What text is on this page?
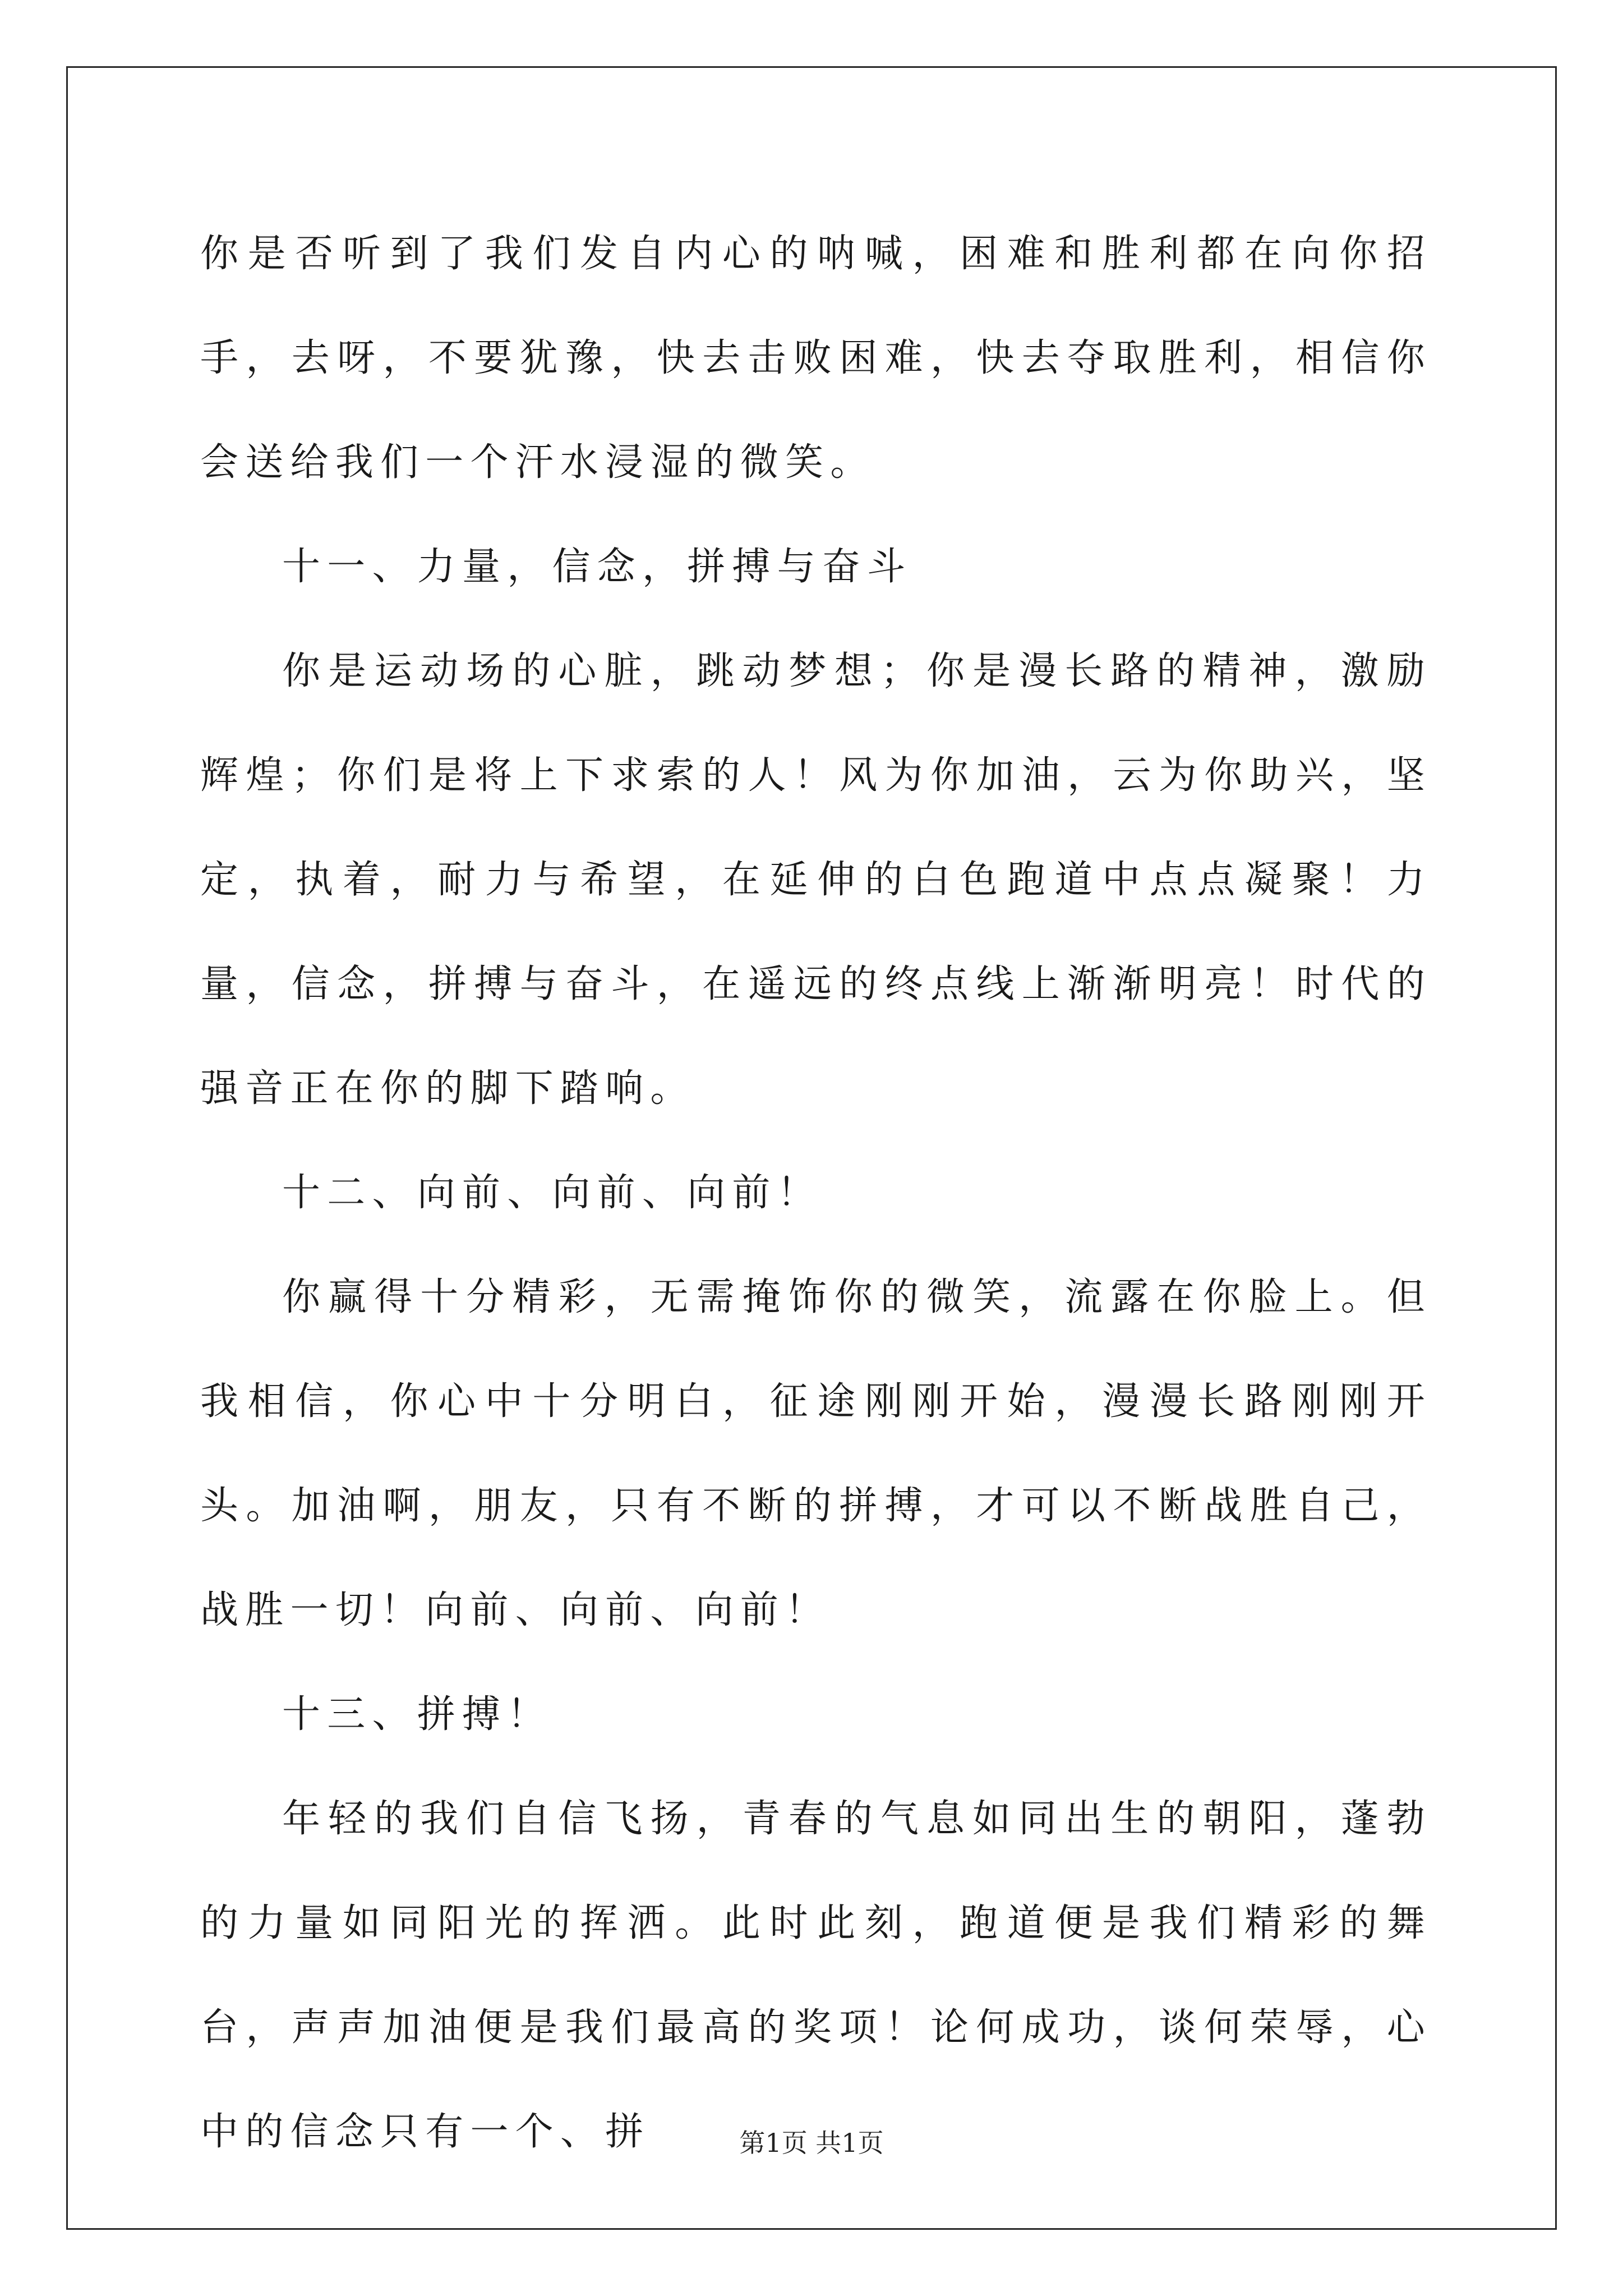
你是否听到了我们发自内心的呐喊，困难和胜利都在向你招手，去呀，不要犹豫，快去击败困难，快去夺取胜利，相信你会送给我们一个汗水浸湿的微笑。

十一、力量，信念，拼搏与奋斗

你是运动场的心脏，跳动梦想；你是漫长路的精神，激励辉煌；你们是将上下求索的人！风为你加油，云为你助兴，坚定，执着，耐力与希望，在延伸的白色跑道中点点凝聚！力量，信念，拼搏与奋斗，在遥远的终点线上渐渐明亮！时代的强音正在你的脚下踏响。

十二、向前、向前、向前！

你赢得十分精彩，无需掩饰你的微笑，流露在你脸上。但我相信，你心中十分明白，征途刚刚开始，漫漫长路刚刚开头。加油啊，朋友，只有不断的拼搏，才可以不断战胜自己，战胜一切！向前、向前、向前！

十三、拼搏！

年轻的我们自信飞扬，青春的气息如同出生的朝阳，蓬勃的力量如同阳光的挥洒。此时此刻，跑道便是我们精彩的舞台，声声加油便是我们最高的奖项！论何成功，谈何荣辱，心中的信念只有一个、拼	第1页 共1页
